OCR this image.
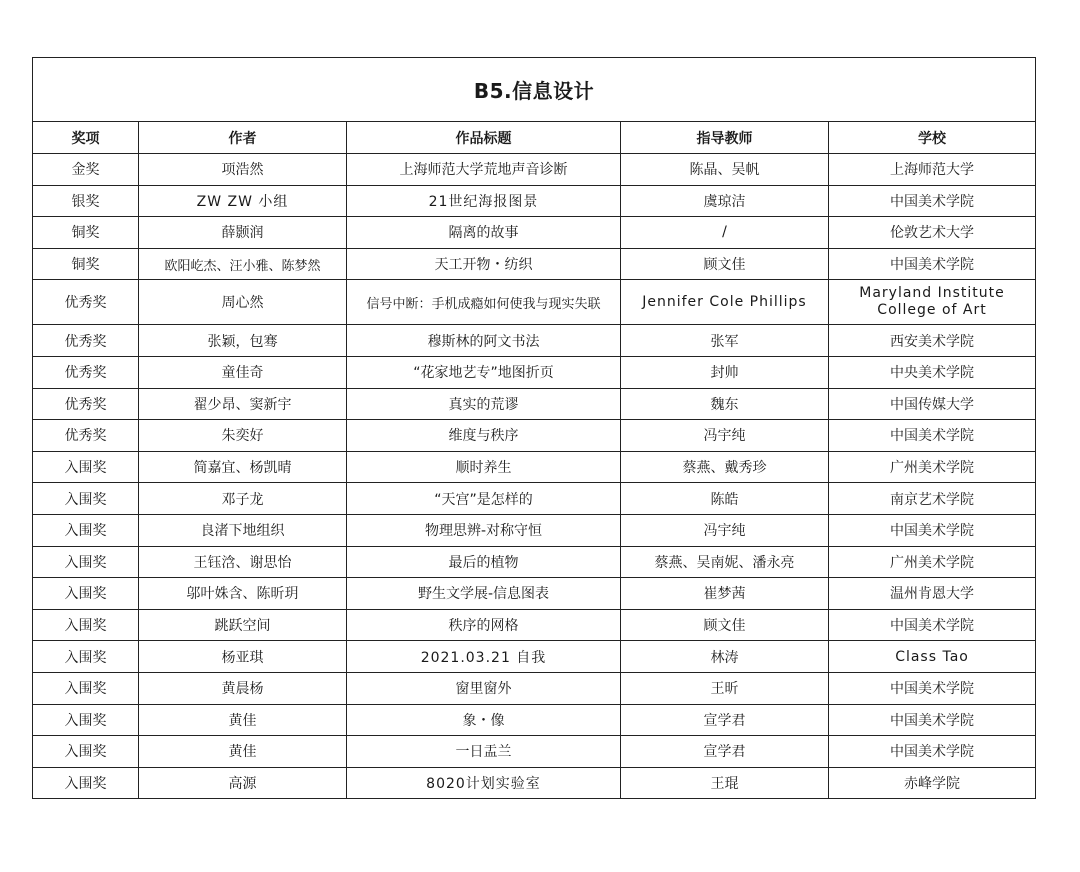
B5.信息设计				
奖项	作者	作品标题	指导教师	学校
金奖	项浩然	上海师范大学荒地声音诊断	陈晶、吴帆	上海师范大学
银奖	ZW ZW 小组	21世纪海报图景	虞琼洁	中国美术学院
铜奖	薛颢润	隔离的故事	/	伦敦艺术大学
铜奖	欧阳屹杰、汪小雅、陈梦然	天工开物・纺织	顾文佳	中国美术学院
优秀奖	周心然	信号中断：手机成瘾如何使我与现实失联	Jennifer Cole Phillips	Maryland Institute College of Art
优秀奖	张颖，包骞	穆斯林的阿文书法	张军	西安美术学院
优秀奖	童佳奇	“花家地艺专”地图折页	封帅	中央美术学院
优秀奖	翟少昂、窦新宇	真实的荒谬	魏东	中国传媒大学
优秀奖	朱奕好	维度与秩序	冯宇纯	中国美术学院
入围奖	简嘉宜、杨凯晴	顺时养生	蔡燕、戴秀珍	广州美术学院
入围奖	邓子龙	“天宫”是怎样的	陈皓	南京艺术学院
入围奖	良渚下地组织	物理思辨-对称守恒	冯宇纯	中国美术学院
入围奖	王钰浛、谢思怡	最后的植物	蔡燕、吴南妮、潘永亮	广州美术学院
入围奖	邬叶姝含、陈昕玥	野生文学展-信息图表	崔梦茜	温州肯恩大学
入围奖	跳跃空间	秩序的网格	顾文佳	中国美术学院
入围奖	杨亚琪	2021.03.21 自我	林涛	Class Tao
入围奖	黄晨杨	窗里窗外	王昕	中国美术学院
入围奖	黄佳	象・像	宣学君	中国美术学院
入围奖	黄佳	一日盂兰	宣学君	中国美术学院
入围奖	高源	8020计划实验室	王琨	赤峰学院
